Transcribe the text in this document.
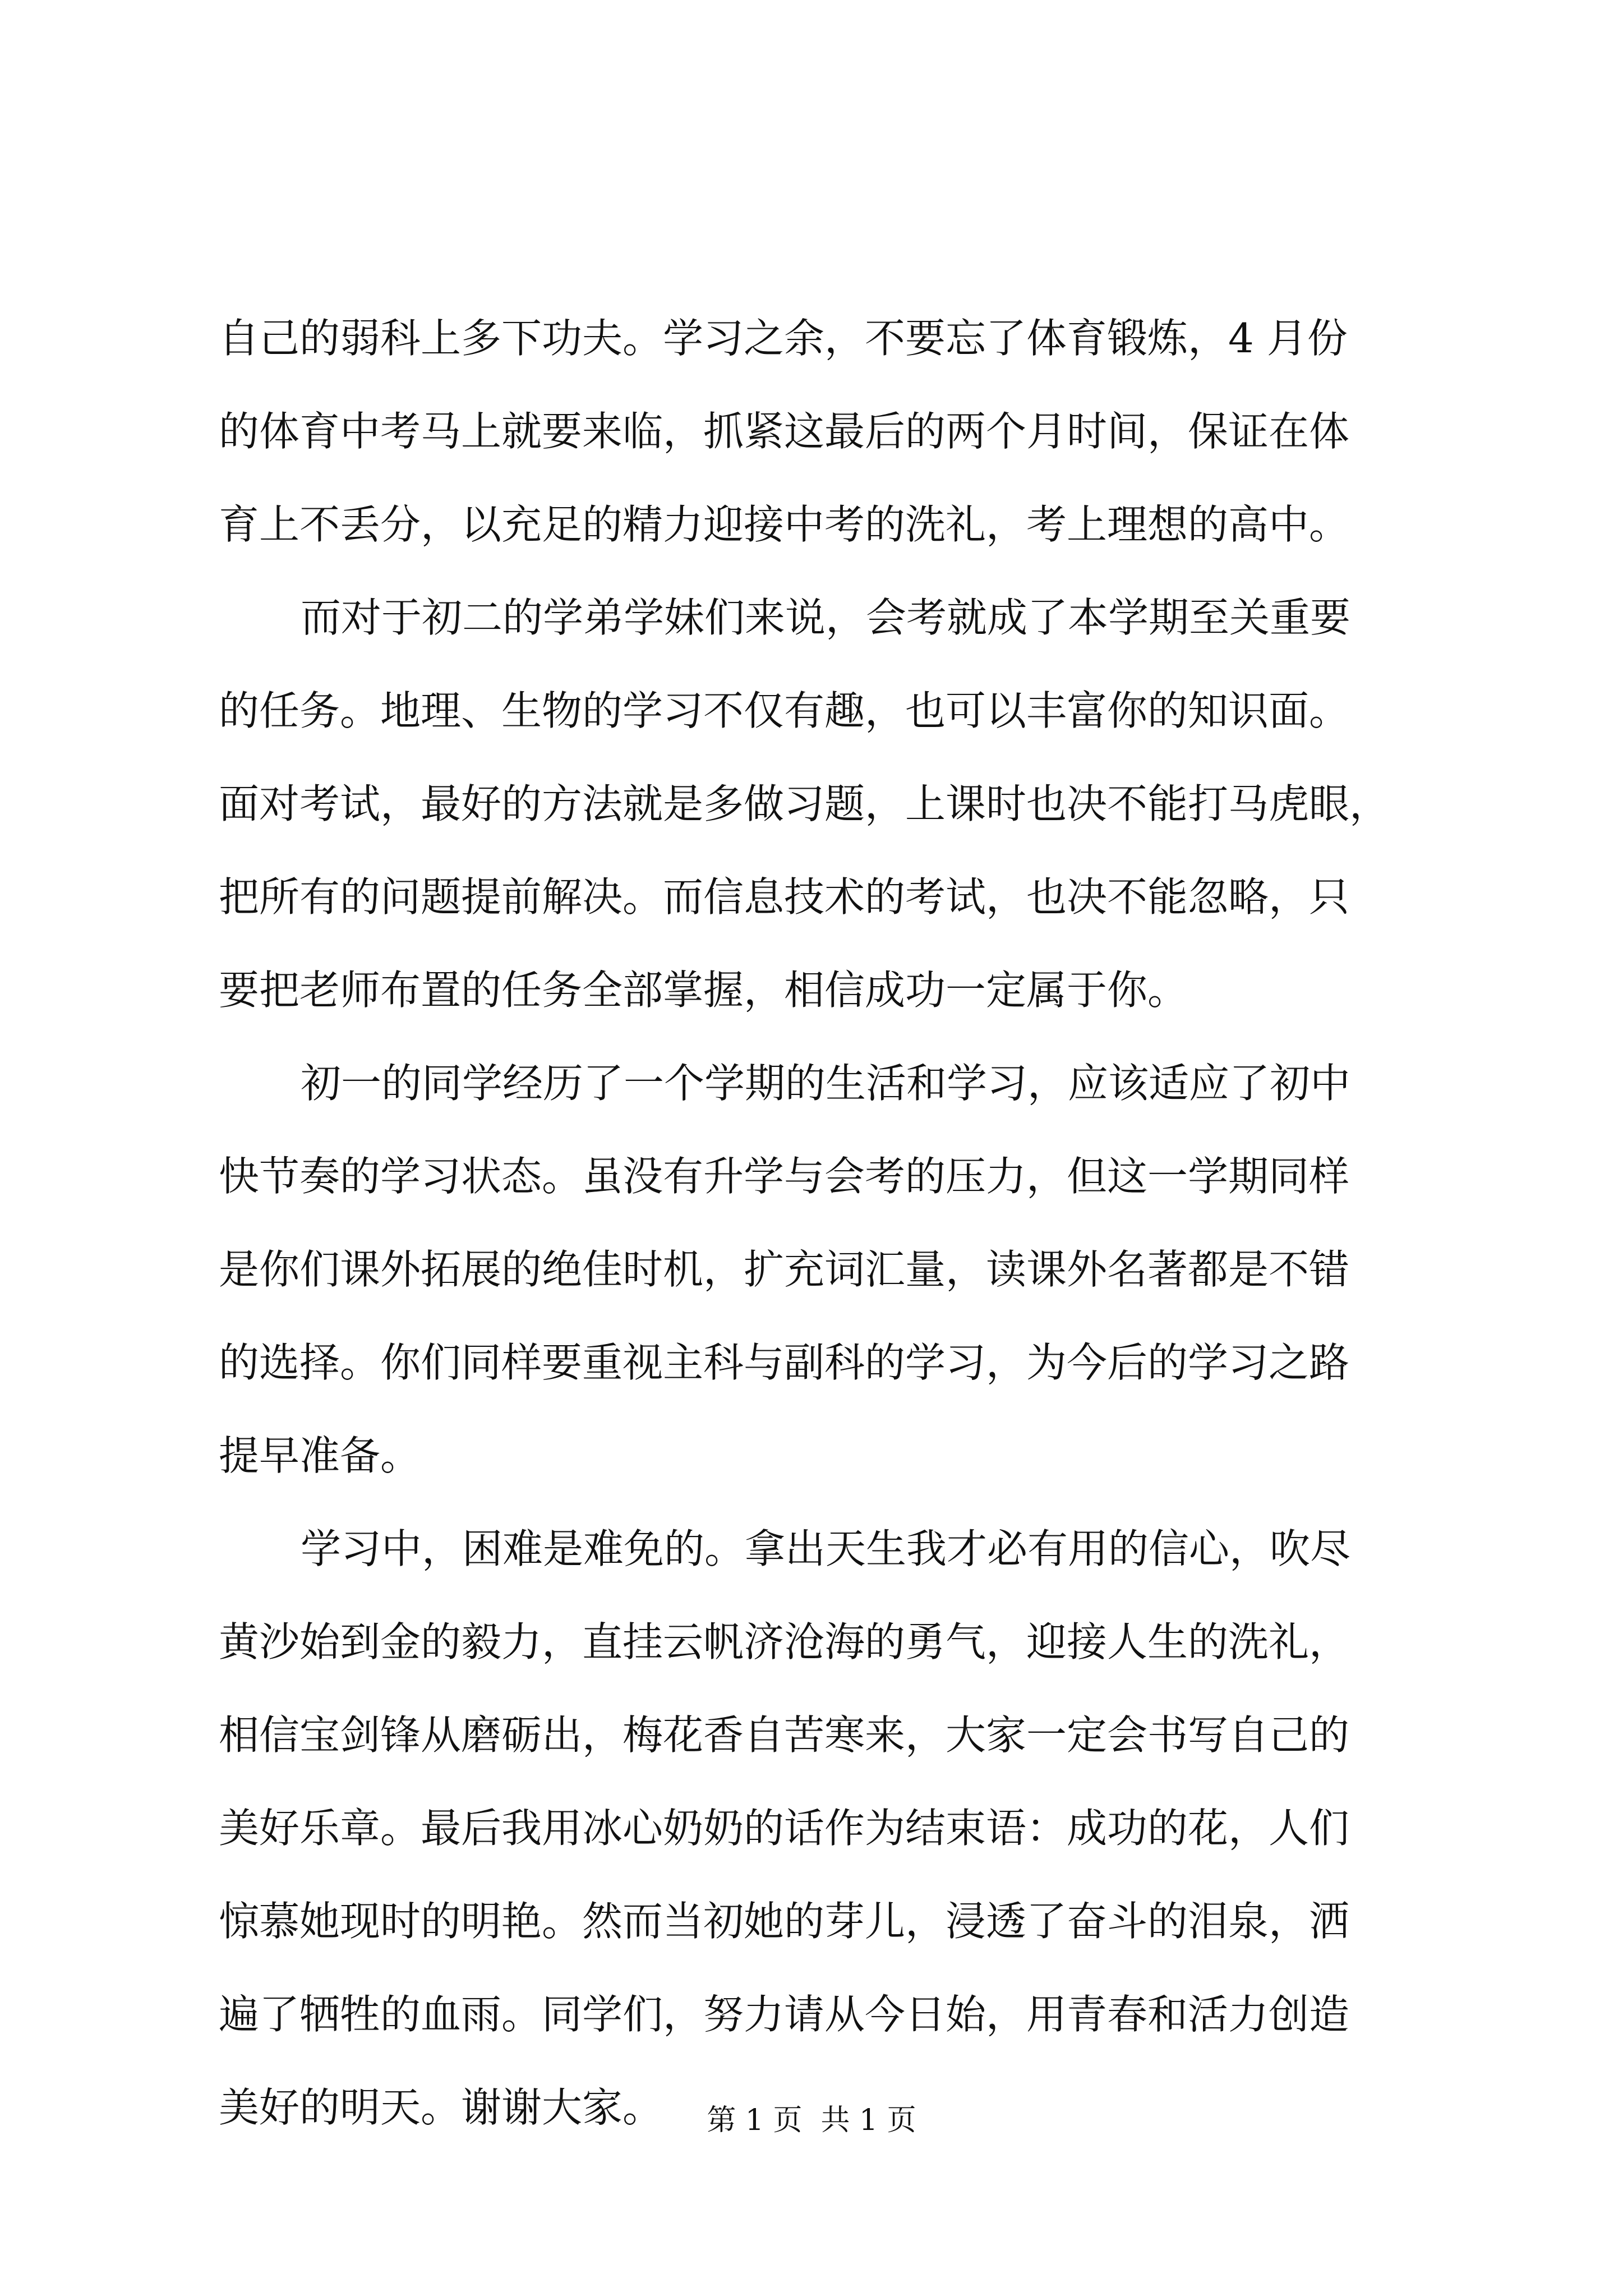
自己的弱科上多下功夫。学习之余，不要忘了体育锻炼，4 月份
的体育中考马上就要来临，抓紧这最后的两个月时间，保证在体
育上不丢分，以充足的精力迎接中考的洗礼，考上理想的高中。
而对于初二的学弟学妹们来说，会考就成了本学期至关重要
的任务。地理、生物的学习不仅有趣，也可以丰富你的知识面。
面对考试，最好的方法就是多做习题，上课时也决不能打马虎眼，
把所有的问题提前解决。而信息技术的考试，也决不能忽略，只
要把老师布置的任务全部掌握，相信成功一定属于你。
初一的同学经历了一个学期的生活和学习，应该适应了初中
快节奏的学习状态。虽没有升学与会考的压力，但这一学期同样
是你们课外拓展的绝佳时机，扩充词汇量，读课外名著都是不错
的选择。你们同样要重视主科与副科的学习，为今后的学习之路
提早准备。
学习中，困难是难免的。拿出天生我才必有用的信心，吹尽
黄沙始到金的毅力，直挂云帆济沧海的勇气，迎接人生的洗礼，
相信宝剑锋从磨砺出，梅花香自苦寒来，大家一定会书写自己的
美好乐章。最后我用冰心奶奶的话作为结束语：成功的花，人们
惊慕她现时的明艳。然而当初她的芽儿，浸透了奋斗的泪泉，洒
遍了牺牲的血雨。同学们，努力请从今日始，用青春和活力创造
美好的明天。谢谢大家。	第 1 页  共 1 页
